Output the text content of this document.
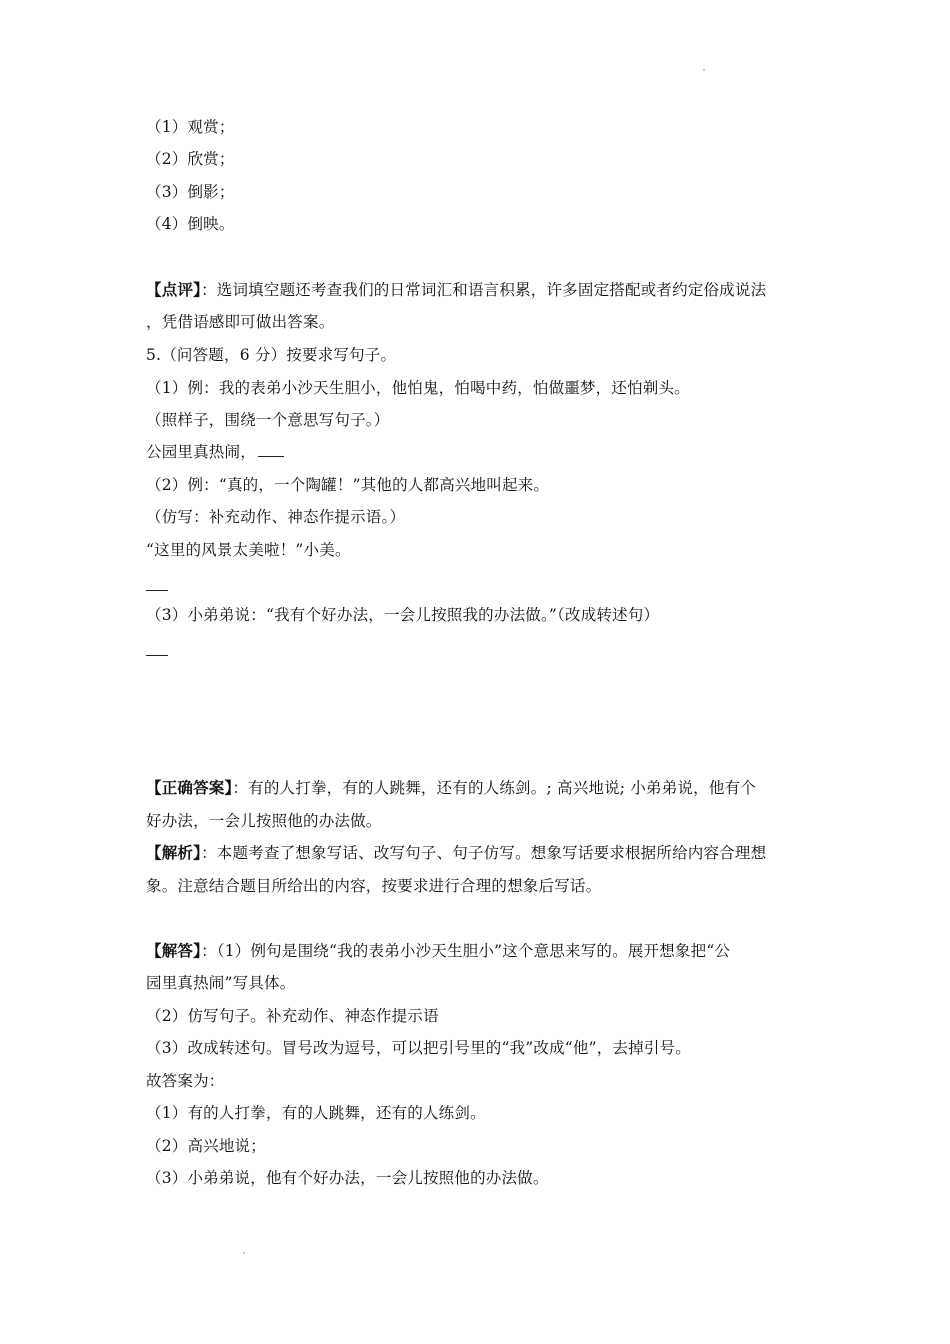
（1）观赏；
（2）欣赏；
（3）倒影；
（4）倒映。
【点评】：选词填空题还考查我们的日常词汇和语言积累，许多固定搭配或者约定俗成说法
，凭借语感即可做出答案。
5.（问答题，6 分）按要求写句子。
（1）例：我的表弟小沙天生胆小，他怕鬼，怕喝中药，怕做噩梦，还怕剃头。
（照样子，围绕一个意思写句子。）
公园里真热闹，
（2）例：“真的，一个陶罐！”其他的人都高兴地叫起来。
（仿写：补充动作、神态作提示语。）
“这里的风景太美啦！”小美。
（3）小弟弟说：“我有个好办法，一会儿按照我的办法做。”（改成转述句）
【正确答案】：有的人打拳，有的人跳舞，还有的人练剑。; 高兴地说; 小弟弟说，他有个
好办法，一会儿按照他的办法做。
【解析】：本题考查了想象写话、改写句子、句子仿写。想象写话要求根据所给内容合理想
象。注意结合题目所给出的内容，按要求进行合理的想象后写话。
【解答】：（1）例句是围绕“我的表弟小沙天生胆小”这个意思来写的。展开想象把“公
园里真热闹”写具体。
（2）仿写句子。补充动作、神态作提示语
（3）改成转述句。冒号改为逗号，可以把引号里的“我”改成“他”，去掉引号。
故答案为：
（1）有的人打拳，有的人跳舞，还有的人练剑。
（2）高兴地说；
（3）小弟弟说，他有个好办法，一会儿按照他的办法做。
